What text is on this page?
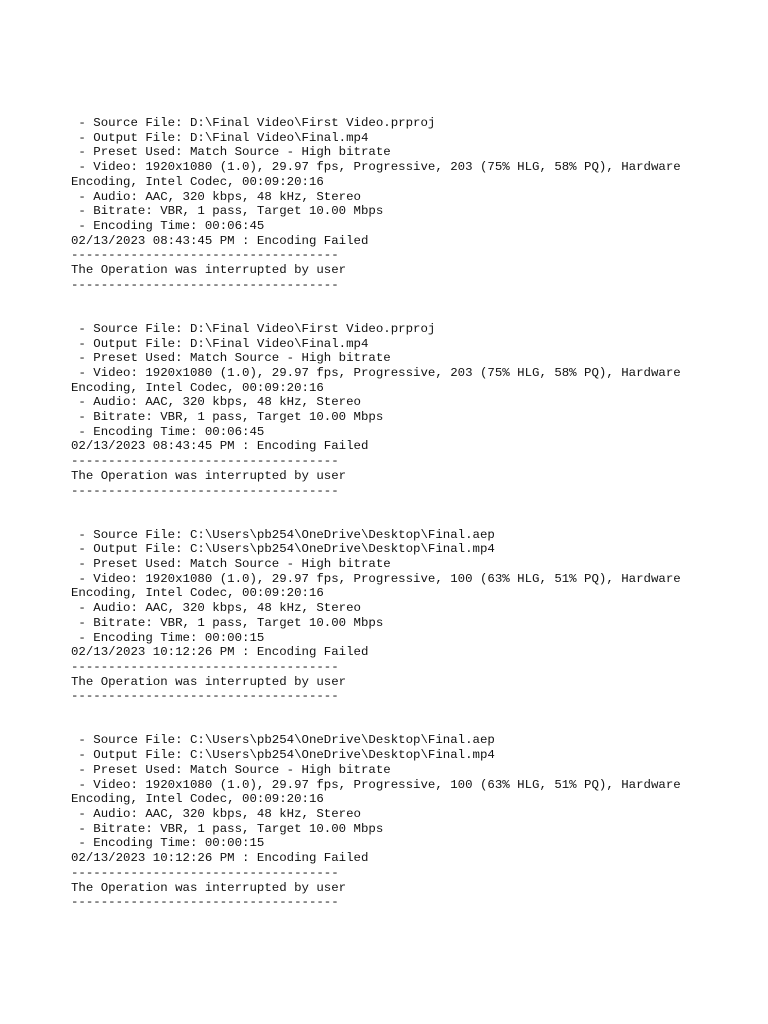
- Source File: D:\Final Video\First Video.prproj
- Output File: D:\Final Video\Final.mp4
- Preset Used: Match Source - High bitrate
- Video: 1920x1080 (1.0), 29.97 fps, Progressive, 203 (75% HLG, 58% PQ), Hardware Encoding, Intel Codec, 00:09:20:16
- Audio: AAC, 320 kbps, 48 kHz, Stereo
- Bitrate: VBR, 1 pass, Target 10.00 Mbps
- Encoding Time: 00:06:45
02/13/2023 08:43:45 PM : Encoding Failed
------------------------------------
The Operation was interrupted by user
------------------------------------
- Source File: D:\Final Video\First Video.prproj
- Output File: D:\Final Video\Final.mp4
- Preset Used: Match Source - High bitrate
- Video: 1920x1080 (1.0), 29.97 fps, Progressive, 203 (75% HLG, 58% PQ), Hardware Encoding, Intel Codec, 00:09:20:16
- Audio: AAC, 320 kbps, 48 kHz, Stereo
- Bitrate: VBR, 1 pass, Target 10.00 Mbps
- Encoding Time: 00:06:45
02/13/2023 08:43:45 PM : Encoding Failed
------------------------------------
The Operation was interrupted by user
------------------------------------
- Source File: C:\Users\pb254\OneDrive\Desktop\Final.aep
- Output File: C:\Users\pb254\OneDrive\Desktop\Final.mp4
- Preset Used: Match Source - High bitrate
- Video: 1920x1080 (1.0), 29.97 fps, Progressive, 100 (63% HLG, 51% PQ), Hardware Encoding, Intel Codec, 00:09:20:16
- Audio: AAC, 320 kbps, 48 kHz, Stereo
- Bitrate: VBR, 1 pass, Target 10.00 Mbps
- Encoding Time: 00:00:15
02/13/2023 10:12:26 PM : Encoding Failed
------------------------------------
The Operation was interrupted by user
------------------------------------
- Source File: C:\Users\pb254\OneDrive\Desktop\Final.aep
- Output File: C:\Users\pb254\OneDrive\Desktop\Final.mp4
- Preset Used: Match Source - High bitrate
- Video: 1920x1080 (1.0), 29.97 fps, Progressive, 100 (63% HLG, 51% PQ), Hardware Encoding, Intel Codec, 00:09:20:16
- Audio: AAC, 320 kbps, 48 kHz, Stereo
- Bitrate: VBR, 1 pass, Target 10.00 Mbps
- Encoding Time: 00:00:15
02/13/2023 10:12:26 PM : Encoding Failed
------------------------------------
The Operation was interrupted by user
------------------------------------
